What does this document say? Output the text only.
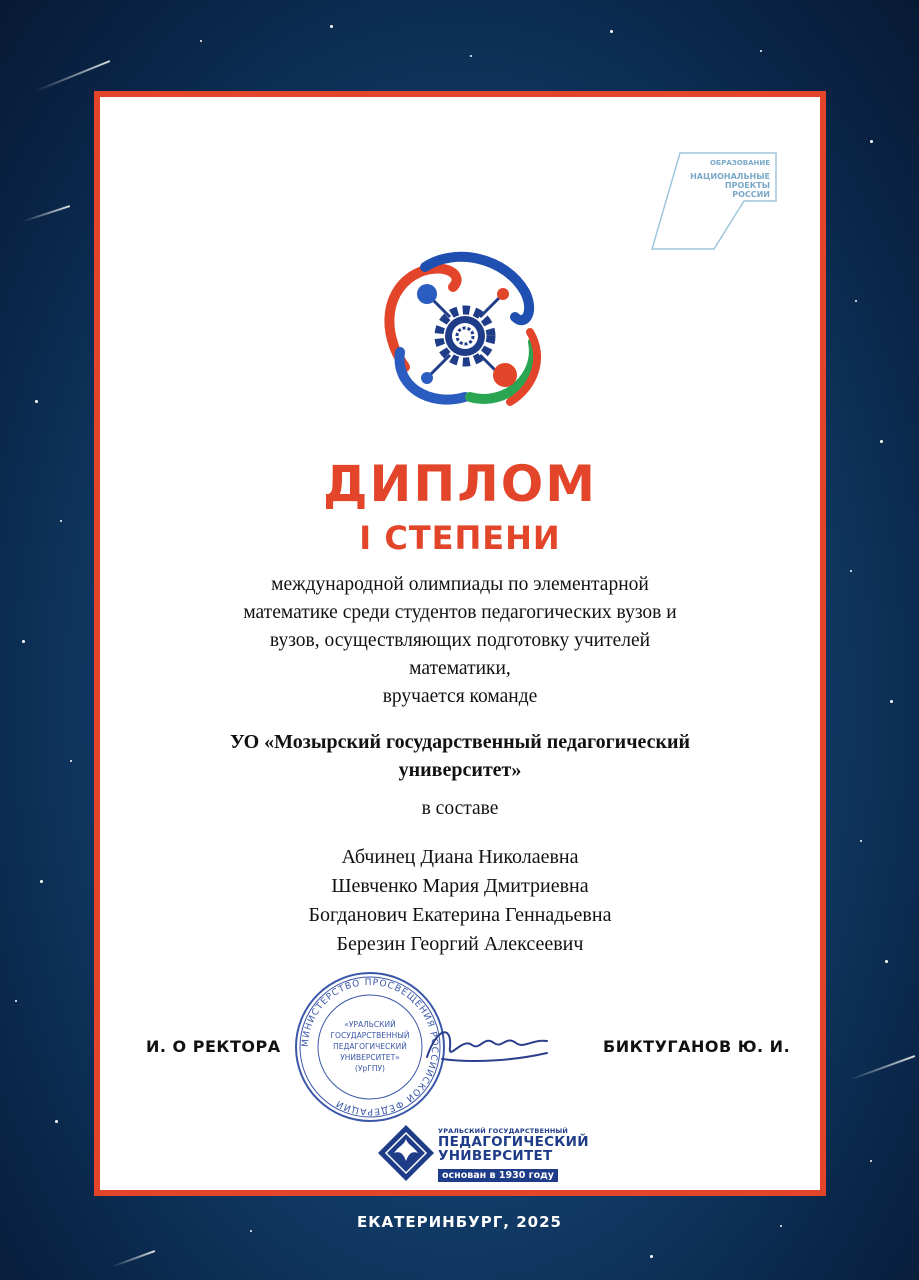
ОБРАЗОВАНИЕ
НАЦИОНАЛЬНЫЕ
ПРОЕКТЫ
РОССИИ
ДИПЛОМ
I СТЕПЕНИ
международной олимпиады по элементарной
математике среди студентов педагогических вузов и
вузов, осуществляющих подготовку учителей
математики,
вручается команде
УО «Мозырский государственный педагогический
университет»
в составе
Абчинец Диана Николаевна
Шевченко Мария Дмитриевна
Богданович Екатерина Геннадьевна
Березин Георгий Алексеевич
МИНИСТЕРСТВО ПРОСВЕЩЕНИЯ РОССИЙСКОЙ ФЕДЕРАЦИИ
«УРАЛЬСКИЙ
ГОСУДАРСТВЕННЫЙ
ПЕДАГОГИЧЕСКИЙ
УНИВЕРСИТЕТ»
(УрГПУ)
И. О РЕКТОРА	БИКТУГАНОВ Ю. И.
УРАЛЬСКИЙ ГОСУДАРСТВЕННЫЙ
ПЕДАГОГИЧЕСКИЙ
УНИВЕРСИТЕТ
основан в 1930 году
ЕКАТЕРИНБУРГ, 2025
